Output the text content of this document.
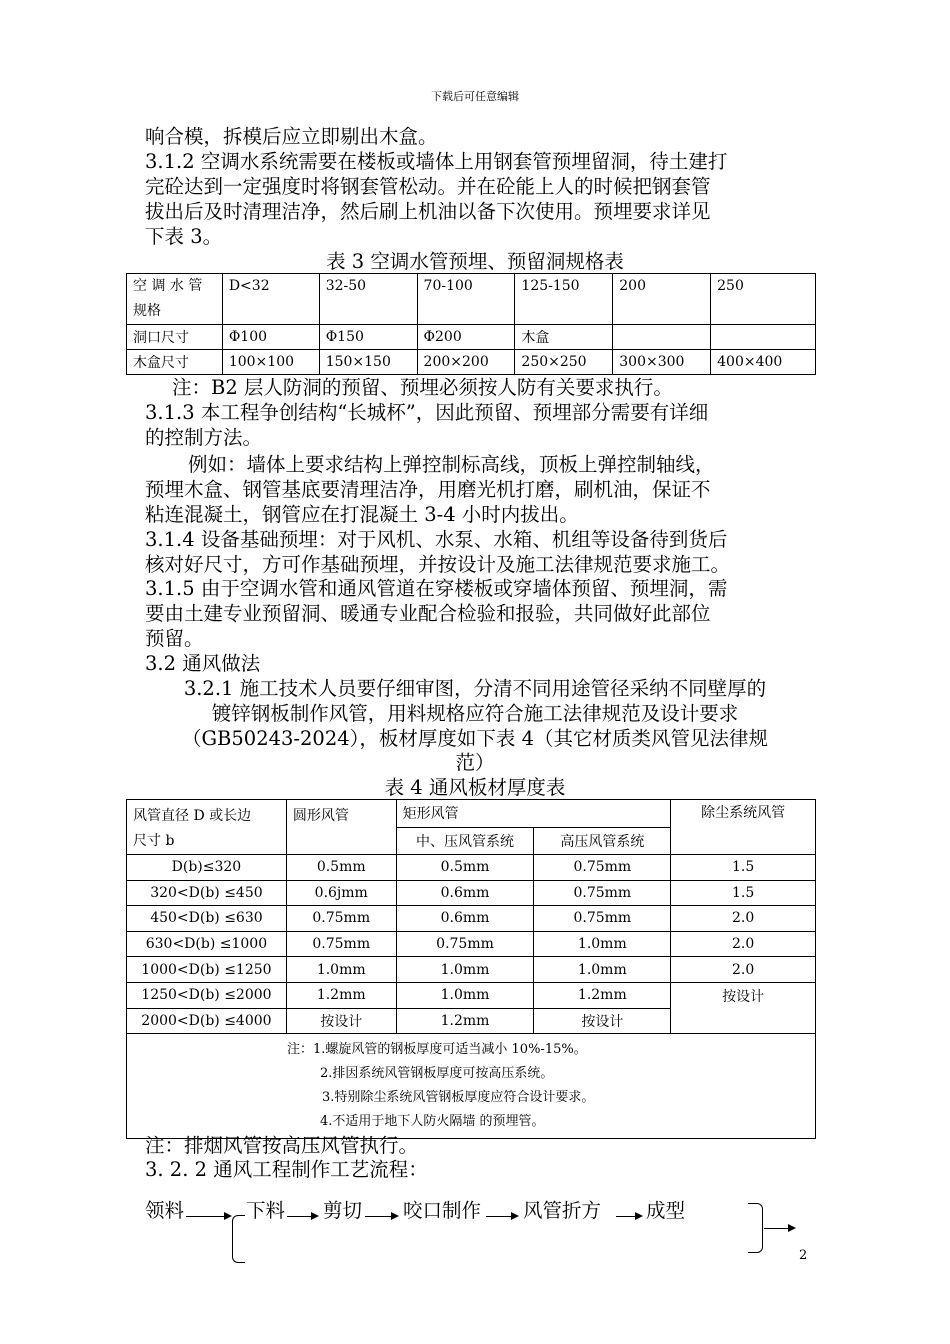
下载后可任意编辑
响合模，拆模后应立即剔出木盒。
3.1.2 空调水系统需要在楼板或墙体上用钢套管预埋留洞，待土建打
完砼达到一定强度时将钢套管松动。并在砼能上人的时候把钢套管
拔出后及时清理洁净，然后刷上机油以备下次使用。预埋要求详见
下表 3。
表 3 空调水管预埋、预留洞规格表
空 调 水 管
规格	D<32	32-50	70-100	125-150	200	250
洞口尺寸	Φ100	Φ150	Φ200	木盒		
木盒尺寸	100×100	150×150	200×200	250×250	300×300	400×400
注：B2 层人防洞的预留、预埋必须按人防有关要求执行。
3.1.3 本工程争创结构“长城杯”，因此预留、预埋部分需要有详细
的控制方法。
例如：墙体上要求结构上弹控制标高线，顶板上弹控制轴线，
预埋木盒、钢管基底要清理洁净，用磨光机打磨，刷机油，保证不
粘连混凝土，钢管应在打混凝土 3-4 小时内拔出。
3.1.4 设备基础预埋：对于风机、水泵、水箱、机组等设备待到货后
核对好尺寸，方可作基础预埋，并按设计及施工法律规范要求施工。
3.1.5 由于空调水管和通风管道在穿楼板或穿墙体预留、预埋洞，需
要由土建专业预留洞、暖通专业配合检验和报验，共同做好此部位
预留。
3.2 通风做法
3.2.1 施工技术人员要仔细审图，分清不同用途管径采纳不同壁厚的
镀锌钢板制作风管，用料规格应符合施工法律规范及设计要求
（GB50243-2024），板材厚度如下表 4（其它材质类风管见法律规
范）
表 4 通风板材厚度表
风管直径 D 或长边
尺寸 b	圆形风管	矩形风管		除尘系统风管
		中、压风管系统	高压风管系统	
D(b)≤320	0.5mm	0.5mm	0.75mm	1.5
320<D(b) ≤450	0.6jmm	0.6mm	0.75mm	1.5
450<D(b) ≤630	0.75mm	0.6mm	0.75mm	2.0
630<D(b) ≤1000	0.75mm	0.75mm	1.0mm	2.0
1000<D(b) ≤1250	1.0mm	1.0mm	1.0mm	2.0
1250<D(b) ≤2000	1.2mm	1.0mm	1.2mm	按设计
2000<D(b) ≤4000	按设计	1.2mm	按设计	

注：1.螺旋风管的钢板厚度可适当减小 10%-15%。
2.排因系统风管钢板厚度可按高压系统。
3.特别除尘系统风管钢板厚度应符合设计要求。
4.不适用于地下人防火隔墙 的预埋管。				
注：排烟风管按高压风管执行。
3. 2. 2 通风工程制作工艺流程：
领料	下料 剪切 咬口制作 风管折方 成型
2
